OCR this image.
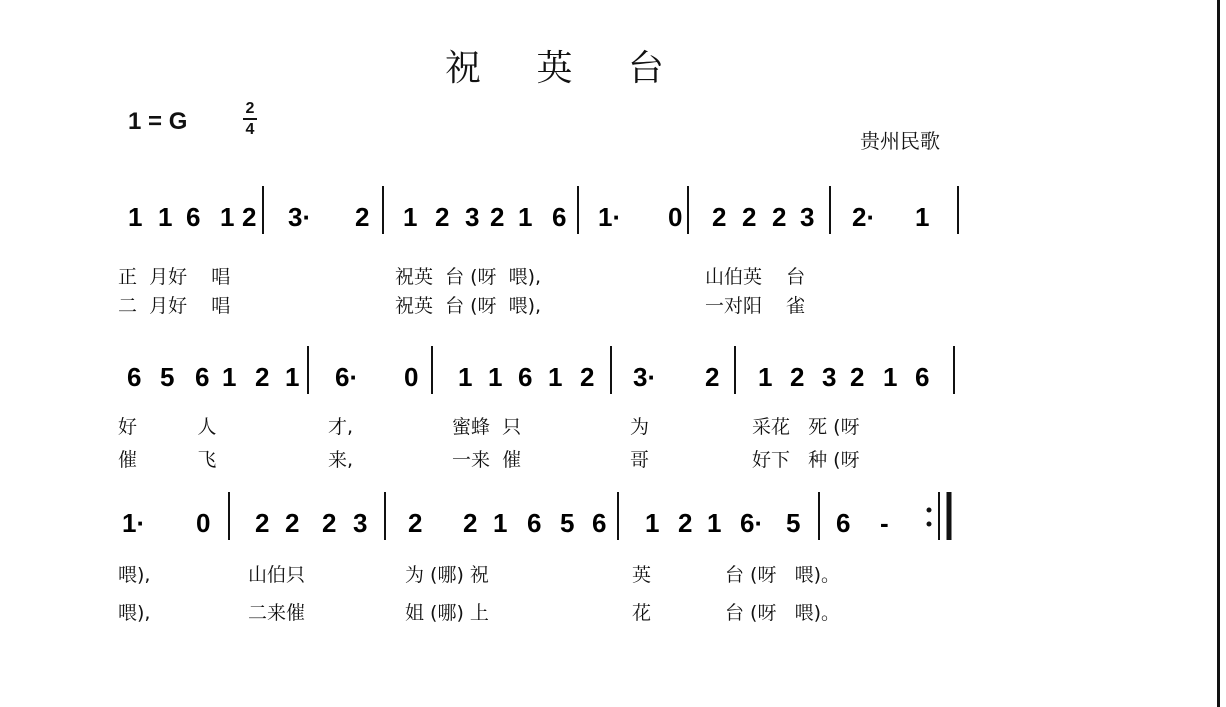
祝 英 台
1 = G	2
4	贵州民歌
1 1 6 1 2 3· 2 1 2 3 2 1 6 1· 0 2 2 2 3 2· 1
6 5 6 1 2 1 6· 0 1 1 6 1 2 3· 2 1 2 3 2 1 6
1· 0 2 2 2 3 2 2 1 6 5 6 1 2 1 6· 5 6 -
正  月好    唱	祝英  台 (呀  喂),	山伯英    台
二  月好    唱	祝英  台 (呀  喂),	一对阳    雀
好          人	才,	蜜蜂  只	为	采花   死 (呀
催          飞	来,	一来  催	哥	好下   种 (呀
喂),	山伯只	为 (哪) 祝	英	台 (呀   喂)。
喂),	二来催	姐 (哪) 上	花	台 (呀   喂)。
